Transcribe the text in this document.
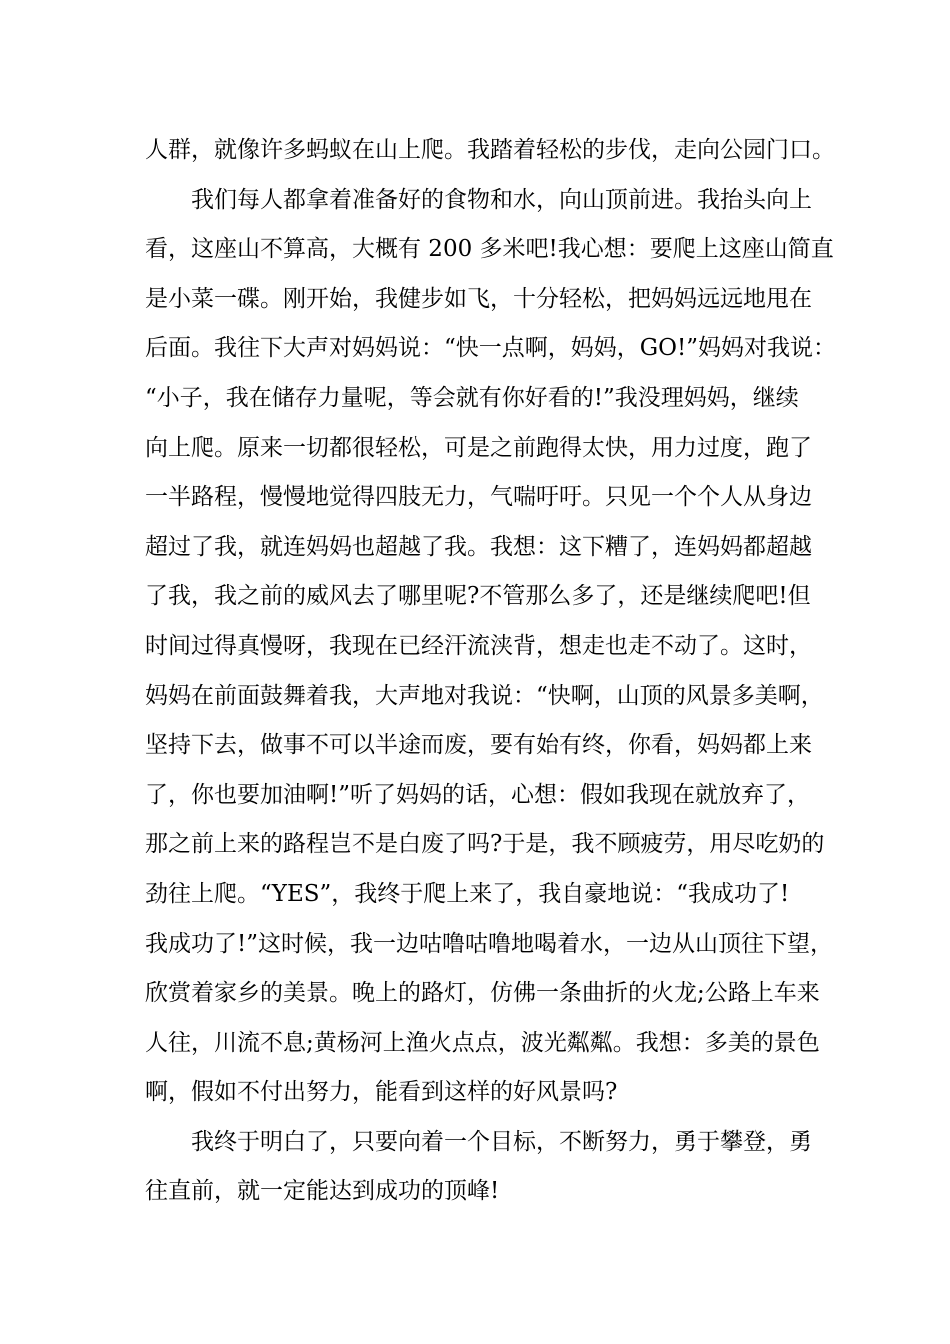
人群，就像许多蚂蚁在山上爬。我踏着轻松的步伐，走向公园门口。
我们每人都拿着准备好的食物和水，向山顶前进。我抬头向上
看，这座山不算高，大概有 200 多米吧!我心想：要爬上这座山简直
是小菜一碟。刚开始，我健步如飞，十分轻松，把妈妈远远地甩在
后面。我往下大声对妈妈说：“快一点啊，妈妈，GO!”妈妈对我说：
“小子，我在储存力量呢，等会就有你好看的!”我没理妈妈，继续
向上爬。原来一切都很轻松，可是之前跑得太快，用力过度，跑了
一半路程，慢慢地觉得四肢无力，气喘吁吁。只见一个个人从身边
超过了我，就连妈妈也超越了我。我想：这下糟了，连妈妈都超越
了我，我之前的威风去了哪里呢?不管那么多了，还是继续爬吧!但
时间过得真慢呀，我现在已经汗流浃背，想走也走不动了。这时，
妈妈在前面鼓舞着我，大声地对我说：“快啊，山顶的风景多美啊，
坚持下去，做事不可以半途而废，要有始有终，你看，妈妈都上来
了，你也要加油啊!”听了妈妈的话，心想：假如我现在就放弃了，
那之前上来的路程岂不是白废了吗?于是，我不顾疲劳，用尽吃奶的
劲往上爬。“YES”，我终于爬上来了，我自豪地说：“我成功了!
我成功了!”这时候，我一边咕噜咕噜地喝着水，一边从山顶往下望，
欣赏着家乡的美景。晚上的路灯，仿佛一条曲折的火龙;公路上车来
人往，川流不息;黄杨河上渔火点点，波光粼粼。我想：多美的景色
啊，假如不付出努力，能看到这样的好风景吗?
我终于明白了，只要向着一个目标，不断努力，勇于攀登，勇
往直前，就一定能达到成功的顶峰!
